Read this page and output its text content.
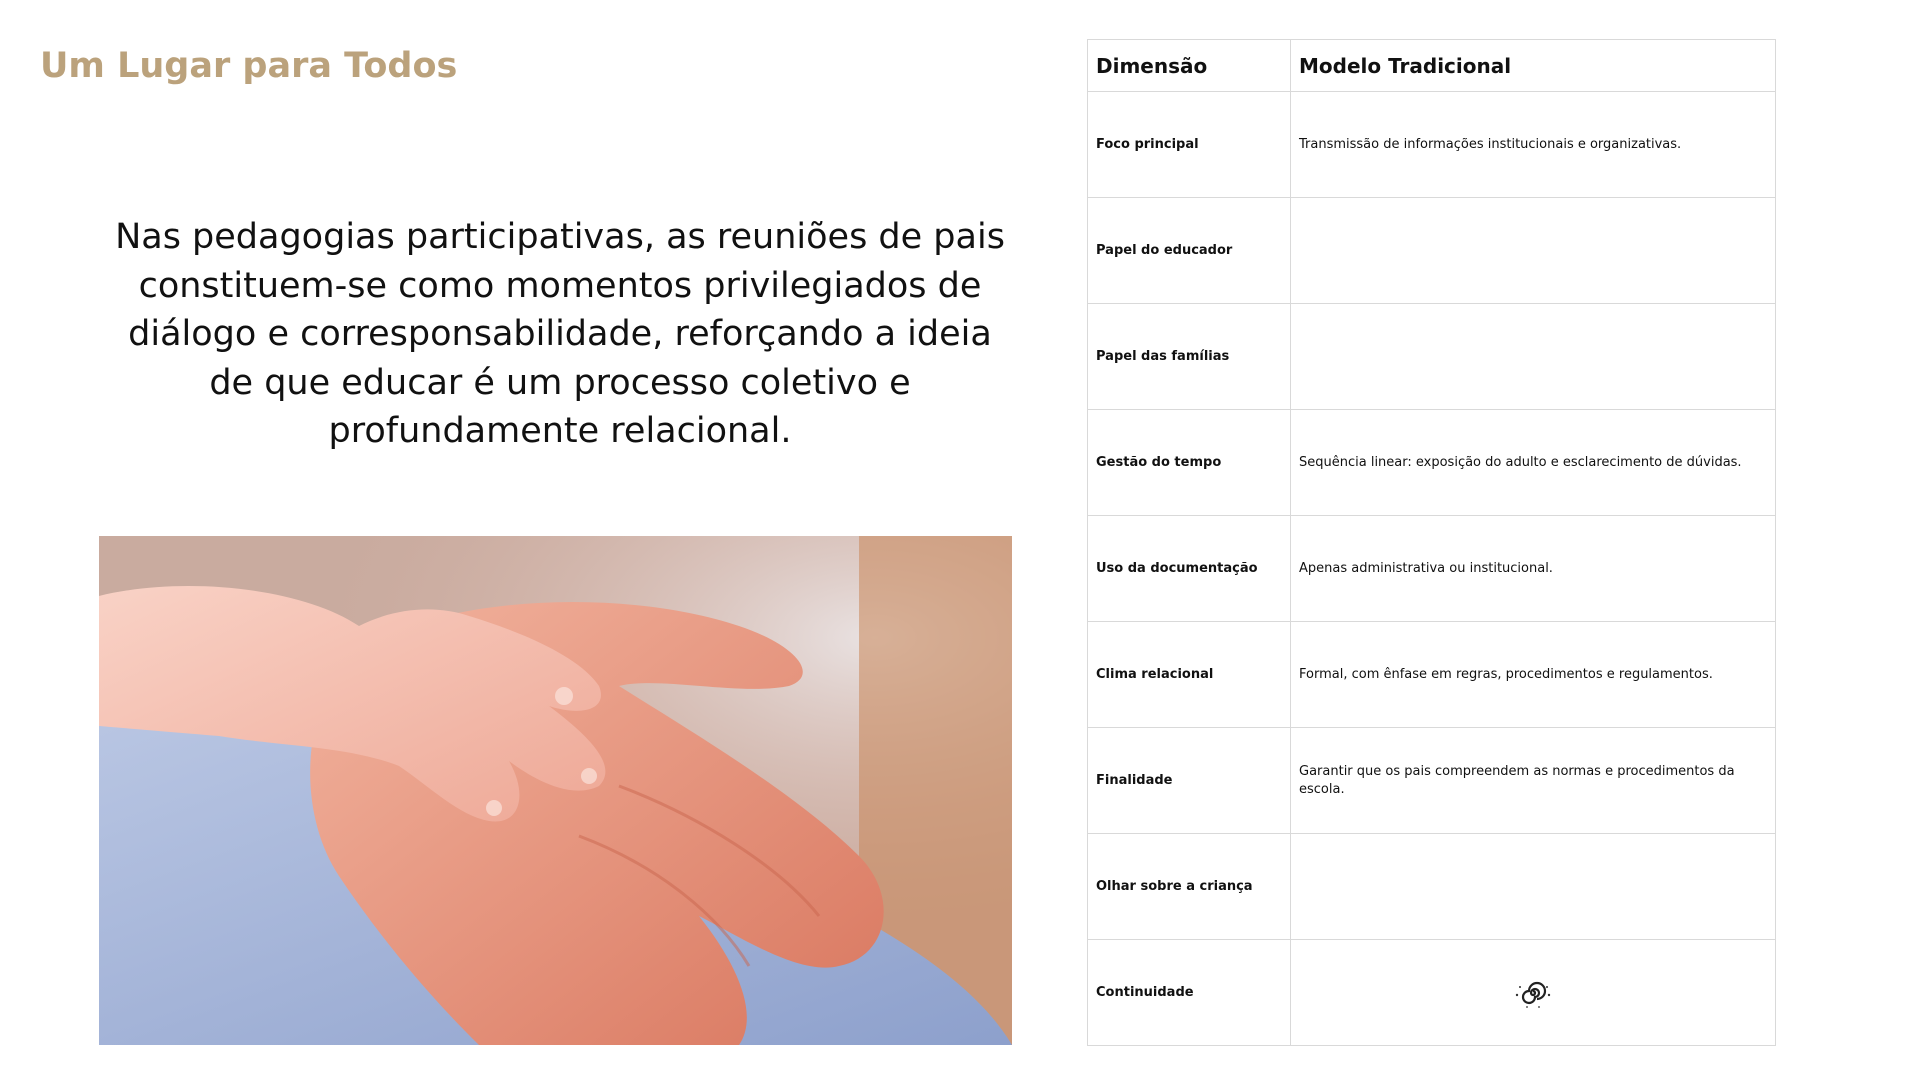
Um Lugar para Todos

Nas pedagogias participativas, as reuniões de pais constituem-se como momentos privilegiados de diálogo e corresponsabilidade, reforçando a ideia de que educar é um processo coletivo e profundamente relacional.

Dimensão	Modelo Tradicional
Foco principal	Transmissão de informações institucionais e organizativas.
Papel do educador	
Papel das famílias	
Gestão do tempo	Sequência linear: exposição do adulto e esclarecimento de dúvidas.
Uso da documentação	Apenas administrativa ou institucional.
Clima relacional	Formal, com ênfase em regras, procedimentos e regulamentos.
Finalidade	Garantir que os pais compreendem as normas e procedimentos da escola.
Olhar sobre a criança	
Continuidade	
